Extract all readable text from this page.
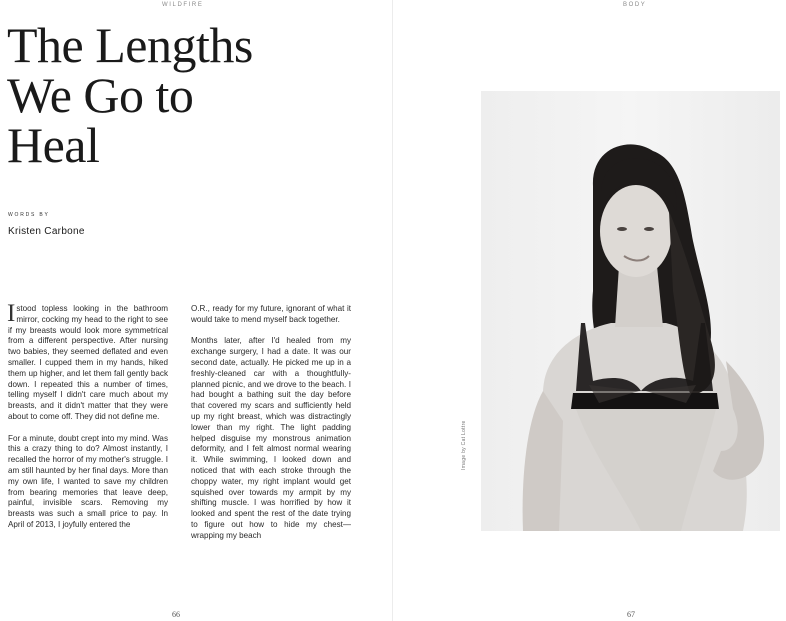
WILDFIRE
The Lengths
We Go to
Heal
WORDS BY
Kristen Carbone

Istood topless looking in the bathroom mirror, cocking my head to the right to see if my breasts would look more symmetrical from a different perspective. After nursing two babies, they seemed deflated and even smaller. I cupped them in my hands, hiked them up higher, and let them fall gently back down. I repeated this a number of times, telling myself I didn't care much about my breasts, and it didn't matter that they were about to come off. They did not define me.

For a minute, doubt crept into my mind. Was this a crazy thing to do? Almost instantly, I recalled the horror of my mother's struggle. I am still haunted by her final days. More than my own life, I wanted to save my children from bearing memories that leave deep, painful, invisible scars. Removing my breasts was such a small price to pay. In April of 2013, I joyfully entered the

O.R., ready for my future, ignorant of what it would take to mend myself back together.

Months later, after I'd healed from my exchange surgery, I had a date. It was our second date, actually. He picked me up in a freshly-cleaned car with a thoughtfully-planned picnic, and we drove to the beach. I had bought a bathing suit the day before that covered my scars and sufficiently held up my right breast, which was distractingly lower than my right. The light padding helped disguise my monstrous animation deformity, and I felt almost normal wearing it. While swimming, I looked down and noticed that with each stroke through the choppy water, my right implant would get squished over towards my armpit by my shifting muscle. I was horrified by how it looked and spent the rest of the date trying to figure out how to hide my chest—wrapping my beach

66
BODY
Image by Cat Lottre
67
